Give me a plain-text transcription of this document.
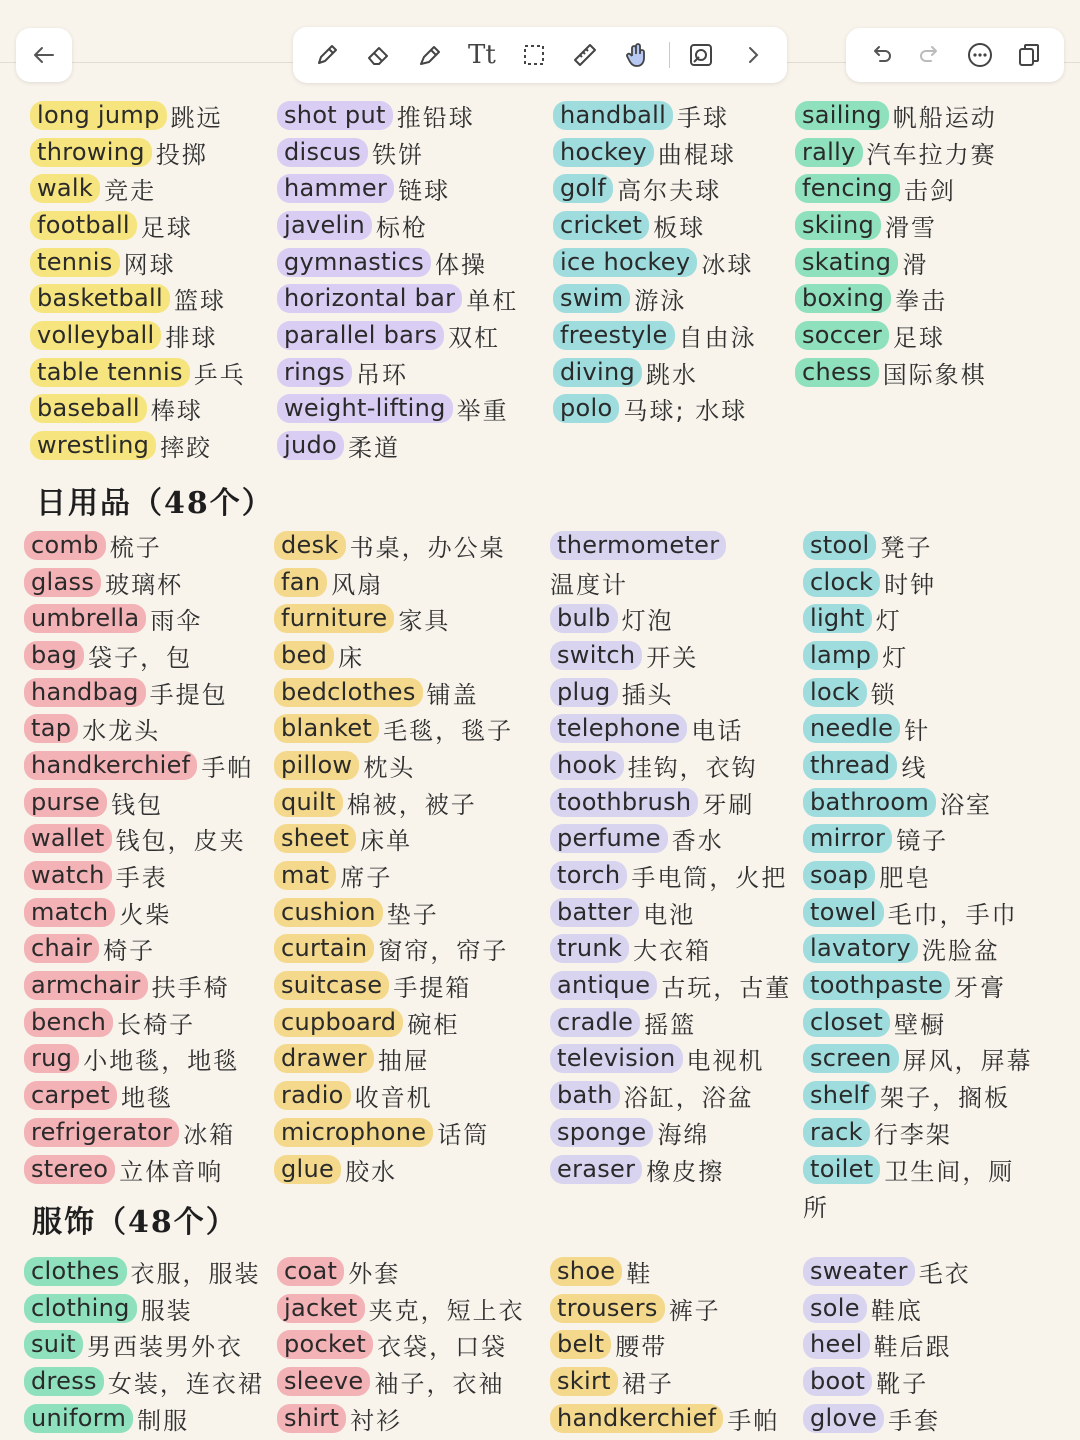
Tt
long jump 跳远
throwing 投掷
walk 竞走
football 足球
tennis 网球
basketball 篮球
volleyball 排球
table tennis 乒乓
baseball 棒球
wrestling 摔跤
shot put 推铅球
discus 铁饼
hammer 链球
javelin 标枪
gymnastics 体操
horizontal bar 单杠
parallel bars 双杠
rings 吊环
weight-lifting 举重
judo 柔道
handball 手球
hockey 曲棍球
golf 高尔夫球
cricket 板球
ice hockey 冰球
swim 游泳
freestyle 自由泳
diving 跳水
polo 马球; 水球
sailing 帆船运动
rally 汽车拉力赛
fencing 击剑
skiing 滑雪
skating 滑
boxing 拳击
soccer 足球
chess 国际象棋
日用品（48个）
comb 梳子
glass 玻璃杯
umbrella 雨伞
bag 袋子，包
handbag 手提包
tap 水龙头
handkerchief 手帕
purse 钱包
wallet 钱包，皮夹
watch 手表
match 火柴
chair 椅子
armchair 扶手椅
bench 长椅子
rug 小地毯，地毯
carpet 地毯
refrigerator 冰箱
stereo 立体音响
desk 书桌，办公桌
fan 风扇
furniture 家具
bed 床
bedclothes 铺盖
blanket 毛毯，毯子
pillow 枕头
quilt 棉被，被子
sheet 床单
mat 席子
cushion 垫子
curtain 窗帘，帘子
suitcase 手提箱
cupboard 碗柜
drawer 抽屉
radio 收音机
microphone 话筒
glue 胶水
thermometer
温度计
bulb 灯泡
switch 开关
plug 插头
telephone 电话
hook 挂钩，衣钩
toothbrush 牙刷
perfume 香水
torch 手电筒，火把
batter 电池
trunk 大衣箱
antique 古玩，古董
cradle 摇篮
television 电视机
bath 浴缸，浴盆
sponge 海绵
eraser 橡皮擦
stool 凳子
clock 时钟
light 灯
lamp 灯
lock 锁
needle 针
thread 线
bathroom 浴室
mirror 镜子
soap 肥皂
towel 毛巾，手巾
lavatory 洗脸盆
toothpaste 牙膏
closet 壁橱
screen 屏风，屏幕
shelf 架子，搁板
rack 行李架
toilet 卫生间，厕
所
服饰（48个）
clothes 衣服，服装
clothing 服装
suit 男西装男外衣
dress 女装，连衣裙
uniform 制服
coat 外套
jacket 夹克，短上衣
pocket 衣袋，口袋
sleeve 袖子，衣袖
shirt 衬衫
shoe 鞋
trousers 裤子
belt 腰带
skirt 裙子
handkerchief 手帕
sweater 毛衣
sole 鞋底
heel 鞋后跟
boot 靴子
glove 手套
